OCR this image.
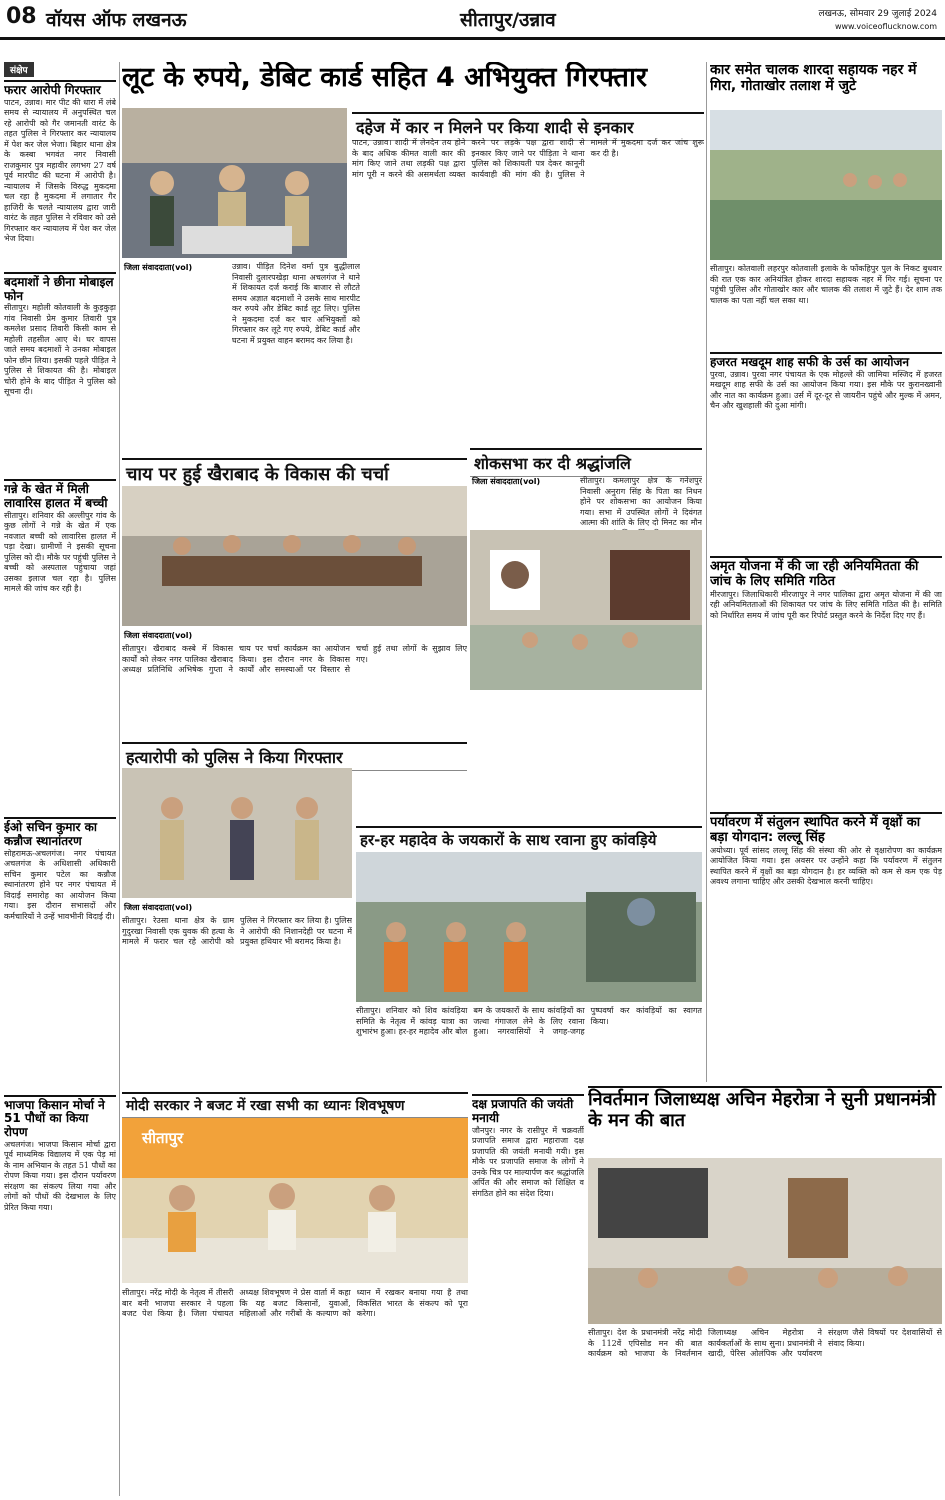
08 वॉयस ऑफ लखनऊ	सीतापुर/उन्नाव	लखनऊ, सोमवार 29 जुलाई 2024
www.voiceoflucknow.com
संक्षेप
फरार आरोपी गिरफ्तार
पाटन, उन्नाव। मार पीट की धारा में लंबे समय से न्यायालय में अनुपस्थित चल रहे आरोपी को गैर जमानती वारंट के तहत पुलिस ने गिरफ्तार कर न्यायालय में पेश कर जेल भेजा। बिहार थाना क्षेत्र के कस्बा भगवंत नगर निवासी राजकुमार पुत्र महावीर लगभग 27 वर्ष पूर्व मारपीट की घटना में आरोपी है। न्यायालय में जिसके विरुद्ध मुकदमा चल रहा है मुकदमा में लगातार गैर हाजिरी के चलते न्यायालय द्वारा जारी वारंट के तहत पुलिस ने रविवार को उसे गिरफ्तार कर न्यायालय में पेश कर जेल भेज दिया।
बदमाशों ने छीना मोबाइल फोन
सीतापुर। महोली कोतवाली के कुड़कुड़ा गांव निवासी प्रेम कुमार तिवारी पुत्र कमलेश प्रसाद तिवारी किसी काम से महोली तहसील आए थे। घर वापस जाते समय बदमाशों ने उनका मोबाइल फोन छीन लिया। इसकी पहले पीड़ित ने पुलिस से शिकायत की है। मोबाइल चोरी होने के बाद पीड़ित ने पुलिस को सूचना दी।
गन्ने के खेत में मिली लावारिस हालत में बच्ची
सीतापुर। शनिवार की अल्लीपुर गांव के कुछ लोगों ने गन्ने के खेत में एक नवजात बच्ची को लावारिस हालत में पड़ा देखा। ग्रामीणों ने इसकी सूचना पुलिस को दी। मौके पर पहुंची पुलिस ने बच्ची को अस्पताल पहुंचाया जहां उसका इलाज चल रहा है। पुलिस मामले की जांच कर रही है।
ईओ सचिन कुमार का कन्नौज स्थानांतरण
सोहरामऊ-अचलगंज। नगर पंचायत अचलगंज के अधिशासी अधिकारी सचिन कुमार पटेल का कन्नौज स्थानांतरण होने पर नगर पंचायत में विदाई समारोह का आयोजन किया गया। इस दौरान सभासदों और कर्मचारियों ने उन्हें भावभीनी विदाई दी।
भाजपा किसान मोर्चा ने 51 पौधों का किया रोपण
अचलगंज। भाजपा किसान मोर्चा द्वारा पूर्व माध्यमिक विद्यालय में एक पेड़ मां के नाम अभियान के तहत 51 पौधों का रोपण किया गया। इस दौरान पर्यावरण संरक्षण का संकल्प लिया गया और लोगों को पौधों की देखभाल के लिए प्रेरित किया गया।
लूट के रुपये, डेबिट कार्ड सहित 4 अभियुक्त गिरफ्तार
जिला संवाददाता(vol)	उन्नाव। पीड़ित दिनेश वर्मा पुत्र बुद्धीलाल निवासी दुलारपखेड़ा थाना अचलगंज ने थाने में शिकायत दर्ज कराई कि बाजार से लौटते समय अज्ञात बदमाशों ने उसके साथ मारपीट कर रुपये और डेबिट कार्ड लूट लिए। पुलिस ने मुकदमा दर्ज कर चार अभियुक्तों को गिरफ्तार कर लूटे गए रुपये, डेबिट कार्ड और घटना में प्रयुक्त वाहन बरामद कर लिया है।
दहेज में कार न मिलने पर किया शादी से इनकार
पाटन, उन्नाव। शादी में लेनदेन तय होने के बाद अधिक कीमत वाली कार की मांग किए जाने तथा लड़की पक्ष द्वारा मांग पूरी न करने की असमर्थता व्यक्त करने पर लड़के पक्ष द्वारा शादी से इनकार किए जाने पर पीड़िता ने थाना पुलिस को शिकायती पत्र देकर कानूनी कार्यवाही की मांग की है। पुलिस ने मामले में मुकदमा दर्ज कर जांच शुरू कर दी है।
शोकसभा कर दी श्रद्धांजलि
जिला संवाददाता(vol)	सीतापुर। कमलापुर क्षेत्र के गनेशपुर निवासी अनुराग सिंह के पिता का निधन होने पर शोकसभा का आयोजन किया गया। सभा में उपस्थित लोगों ने दिवंगत आत्मा की शांति के लिए दो मिनट का मौन
चाय पर हुई खैराबाद के विकास की चर्चा
जिला संवाददाता(vol)
सीतापुर। खैराबाद कस्बे में विकास कार्यों को लेकर नगर पालिका खैराबाद अध्यक्ष प्रतिनिधि अभिषेक गुप्ता ने चाय पर चर्चा कार्यक्रम का आयोजन किया। इस दौरान नगर के विकास कार्यों और समस्याओं पर विस्तार से चर्चा हुई तथा लोगों के सुझाव लिए गए।
हत्यारोपी को पुलिस ने किया गिरफ्तार
जिला संवाददाता(vol)
सीतापुर। रेउसा थाना क्षेत्र के ग्राम गुदुरखा निवासी एक युवक की हत्या के मामले में फरार चल रहे आरोपी को पुलिस ने गिरफ्तार कर लिया है। पुलिस ने आरोपी की निशानदेही पर घटना में प्रयुक्त हथियार भी बरामद किया है।
हर-हर महादेव के जयकारों के साथ रवाना हुए कांवड़िये
सीतापुर। शनिवार को शिव कांवड़िया समिति के नेतृत्व में कांवड़ यात्रा का शुभारंभ हुआ। हर-हर महादेव और बोल बम के जयकारों के साथ कांवड़ियों का जत्था गंगाजल लेने के लिए रवाना हुआ। नगरवासियों ने जगह-जगह पुष्पवर्षा कर कांवड़ियों का स्वागत किया।
मोदी सरकार ने बजट में रखा सभी का ध्यानः शिवभूषण
सीतापुर
सीतापुर। नरेंद्र मोदी के नेतृत्व में तीसरी बार बनी भाजपा सरकार ने पहला बजट पेश किया है। जिला पंचायत अध्यक्ष शिवभूषण ने प्रेस वार्ता में कहा कि यह बजट किसानों, युवाओं, महिलाओं और गरीबों के कल्याण को ध्यान में रखकर बनाया गया है तथा विकसित भारत के संकल्प को पूरा करेगा।
दक्ष प्रजापति की जयंती मनायी
जौनपुर। नगर के रासीपुर में चक्रवर्ती प्रजापति समाज द्वारा महाराजा दक्ष प्रजापति की जयंती मनायी गयी। इस मौके पर प्रजापति समाज के लोगों ने उनके चित्र पर माल्यार्पण कर श्रद्धांजलि अर्पित की और समाज को शिक्षित व संगठित होने का संदेश दिया।
कार समेत चालक शारदा सहायक नहर में गिरा, गोताखोर तलाश में जुटे
सीतापुर। कोतवाली लहरपुर कोतवाली इलाके के फोंकहिपुर पुल के निकट बुधवार की रात एक कार अनियंत्रित होकर शारदा सहायक नहर में गिर गई। सूचना पर पहुंची पुलिस और गोताखोर कार और चालक की तलाश में जुटे हैं। देर शाम तक चालक का पता नहीं चल सका था।
हजरत मखदूम शाह सफी के उर्स का आयोजन
पुरवा, उन्नाव। पुरवा नगर पंचायत के एक मोहल्ले की जामिया मस्जिद में हजरत मखदूम शाह सफी के उर्स का आयोजन किया गया। इस मौके पर कुरानख्वानी और नात का कार्यक्रम हुआ। उर्स में दूर-दूर से जायरीन पहुंचे और मुल्क में अमन, चैन और खुशहाली की दुआ मांगी।
अमृत योजना में की जा रही अनियमितता की जांच के लिए समिति गठित
मीरजापुर। जिलाधिकारी मीरजापुर ने नगर पालिका द्वारा अमृत योजना में की जा रही अनियमितताओं की शिकायत पर जांच के लिए समिति गठित की है। समिति को निर्धारित समय में जांच पूरी कर रिपोर्ट प्रस्तुत करने के निर्देश दिए गए हैं।
पर्यावरण में संतुलन स्थापित करने में वृक्षों का बड़ा योगदान: लल्लू सिंह
अयोध्या। पूर्व सांसद लल्लू सिंह की संस्था की ओर से वृक्षारोपण का कार्यक्रम आयोजित किया गया। इस अवसर पर उन्होंने कहा कि पर्यावरण में संतुलन स्थापित करने में वृक्षों का बड़ा योगदान है। हर व्यक्ति को कम से कम एक पेड़ अवश्य लगाना चाहिए और उसकी देखभाल करनी चाहिए।
निवर्तमान जिलाध्यक्ष अचिन मेहरोत्रा ने सुनी प्रधानमंत्री के मन की बात
सीतापुर। देश के प्रधानमंत्री नरेंद्र मोदी के 112वें एपिसोड मन की बात कार्यक्रम को भाजपा के निवर्तमान जिलाध्यक्ष अचिन मेहरोत्रा ने कार्यकर्ताओं के साथ सुना। प्रधानमंत्री ने खादी, पेरिस ओलंपिक और पर्यावरण संरक्षण जैसे विषयों पर देशवासियों से संवाद किया।
